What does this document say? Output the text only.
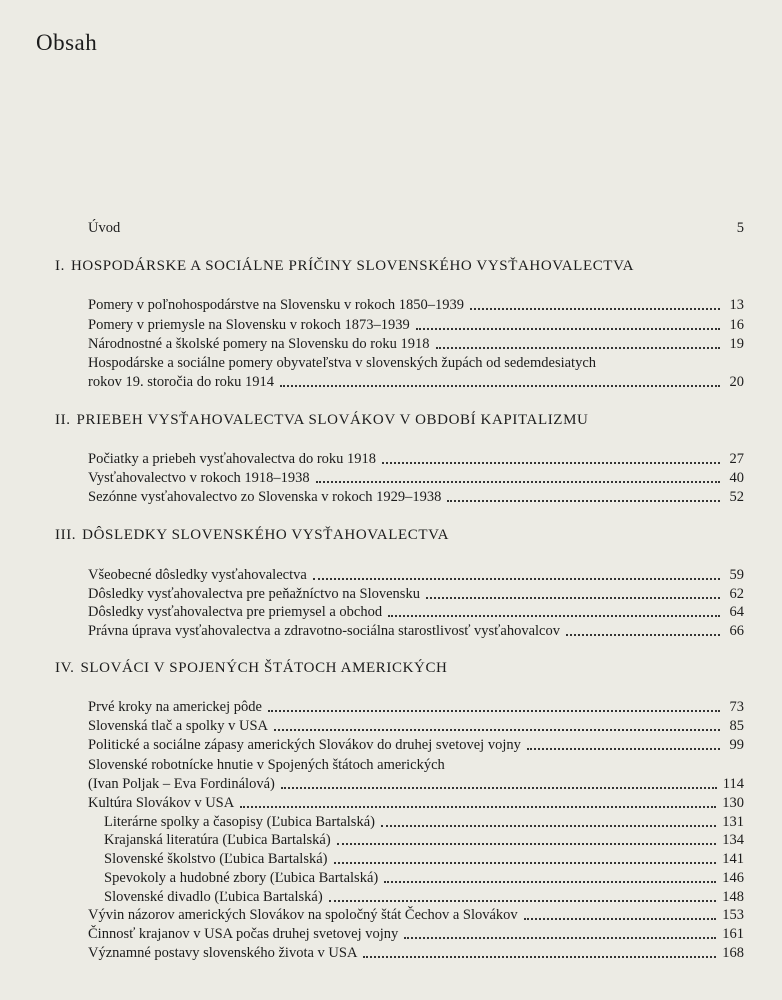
Obsah
Úvod	5
I. HOSPODÁRSKE A SOCIÁLNE PRÍČINY SLOVENSKÉHO VYSŤAHOVALECTVA
Pomery v poľnohospodárstve na Slovensku v rokoch 1850–1939	13
Pomery v priemysle na Slovensku v rokoch 1873–1939	16
Národnostné a školské pomery na Slovensku do roku 1918	19
Hospodárske a sociálne pomery obyvateľstva v slovenských župách od sedemdesiatych
rokov 19. storočia do roku 1914	20
II. PRIEBEH VYSŤAHOVALECTVA SLOVÁKOV V OBDOBÍ KAPITALIZMU
Počiatky a priebeh vysťahovalectva do roku 1918	27
Vysťahovalectvo v rokoch 1918–1938	40
Sezónne vysťahovalectvo zo Slovenska v rokoch 1929–1938	52
III. DÔSLEDKY SLOVENSKÉHO VYSŤAHOVALECTVA
Všeobecné dôsledky vysťahovalectva	59
Dôsledky vysťahovalectva pre peňažníctvo na Slovensku	62
Dôsledky vysťahovalectva pre priemysel a obchod	64
Právna úprava vysťahovalectva a zdravotno-sociálna starostlivosť vysťahovalcov	66
IV. SLOVÁCI V SPOJENÝCH ŠTÁTOCH AMERICKÝCH
Prvé kroky na americkej pôde	73
Slovenská tlač a spolky v USA	85
Politické a sociálne zápasy amerických Slovákov do druhej svetovej vojny	99
Slovenské robotnícke hnutie v Spojených štátoch amerických
(Ivan Poljak – Eva Fordinálová)	114
Kultúra Slovákov v USA	130
Literárne spolky a časopisy (Ľubica Bartalská)	131
Krajanská literatúra (Ľubica Bartalská)	134
Slovenské školstvo (Ľubica Bartalská)	141
Spevokoly a hudobné zbory (Ľubica Bartalská)	146
Slovenské divadlo (Ľubica Bartalská)	148
Vývin názorov amerických Slovákov na spoločný štát Čechov a Slovákov	153
Činnosť krajanov v USA počas druhej svetovej vojny	161
Významné postavy slovenského života v USA	168
